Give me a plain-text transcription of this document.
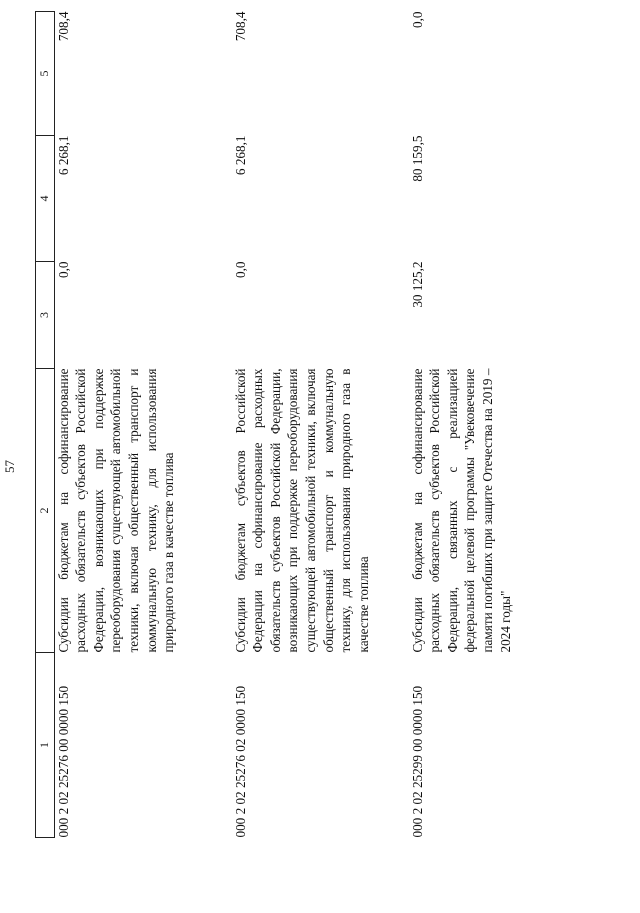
57
1	2	3	4	5
000 2 02 25276 00 0000 150	Субсидии бюджетам на софинансирование расходных обязательств субъектов Российской Федерации, возникающих при поддержке переоборудования существующей автомобильной техники, включая общественный транспорт и коммунальную технику, для использования природного газа в качестве топлива	0,0	6 268,1	708,4
000 2 02 25276 02 0000 150	Субсидии бюджетам субъектов Российской Федерации на софинансирование расходных обязательств субъектов Российской Федерации, возникающих при поддержке переоборудования существующей автомобильной техники, включая общественный транспорт и коммунальную технику, для использования природного газа в качестве топлива	0,0	6 268,1	708,4
000 2 02 25299 00 0000 150	Субсидии бюджетам на софинансирование расходных обязательств субъектов Российской Федерации, связанных с реализацией федеральной целевой программы "Увековечение памяти погибших при защите Отечества на 2019 – 2024 годы"	30 125,2	80 159,5	0,0
